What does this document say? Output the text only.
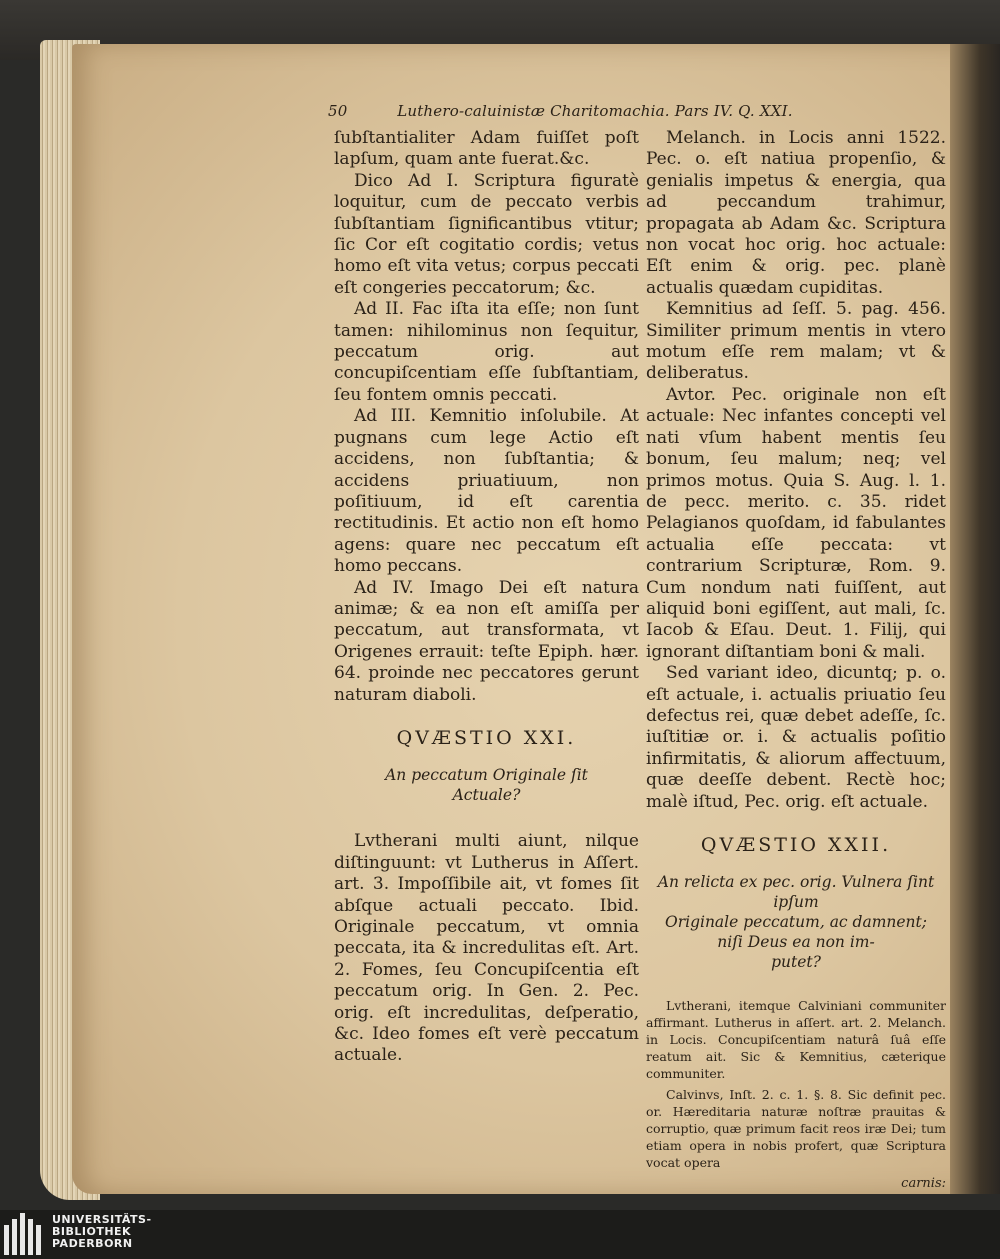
50	Luthero-caluinistæ Charitomachia. Pars IV. Q. XXI.

ſubſtantialiter Adam fuiſſet poſt lapſum, quam ante fuerat.&c.

Dico Ad I. Scriptura figuratè loquitur, cum de peccato verbis ſubſtantiam ſignificantibus vtitur; ſic Cor eſt cogitatio cordis; vetus homo eſt vita vetus; corpus peccati eſt congeries peccatorum; &c.

Ad II. Fac iſta ita eſſe; non ſunt tamen: nihilominus non ſequitur, peccatum orig. aut concupiſcentiam eſſe ſubſtantiam, ſeu fontem omnis peccati.

Ad III. Kemnitio inſolubile. At pugnans cum lege Actio eſt accidens, non ſubſtantia; & accidens priuatiuum, non poſitiuum, id eſt carentia rectitudinis. Et actio non eſt homo agens: quare nec peccatum eſt homo peccans.

Ad IV. Imago Dei eſt natura animæ; & ea non eſt amiſſa per peccatum, aut transformata, vt Origenes errauit: teſte Epiph. hær. 64. proinde nec peccatores gerunt naturam diaboli.

QVÆSTIO XXI.
An peccatum Originale ſit
Actuale?

Lvtherani multi aiunt, nilque diſtinguunt: vt Lutherus in Aſſert. art. 3. Impoſſibile ait, vt fomes ſit abſque actuali peccato. Ibid. Originale peccatum, vt omnia peccata, ita & incredulitas eſt. Art. 2. Fomes, ſeu Concupiſcentia eſt peccatum orig. In Gen. 2. Pec. orig. eſt incredulitas, deſperatio, &c. Ideo fomes eſt verè peccatum actuale.

Melanch. in Locis anni 1522. Pec. o. eſt natiua propenſio, & genialis impetus & energia, qua ad peccandum trahimur, propagata ab Adam &c. Scriptura non vocat hoc orig. hoc actuale: Eſt enim & orig. pec. planè actualis quædam cupiditas.

Kemnitius ad ſeſſ. 5. pag. 456. Similiter primum mentis in vtero motum eſſe rem malam; vt & deliberatus.

Avtor. Pec. originale non eſt actuale: Nec infantes concepti vel nati vſum habent mentis ſeu bonum, ſeu malum; neq; vel primos motus. Quia S. Aug. l. 1. de pecc. merito. c. 35. ridet Pelagianos quoſdam, id fabulantes actualia eſſe peccata: vt contrarium Scripturæ, Rom. 9. Cum nondum nati fuiſſent, aut aliquid boni egiſſent, aut mali, ſc. Iacob & Eſau. Deut. 1. Filij, qui ignorant diſtantiam boni & mali.

Sed variant ideo, dicuntq; p. o. eſt actuale, i. actualis priuatio ſeu defectus rei, quæ debet adeſſe, ſc. iuſtitiæ or. i. & actualis poſitio infirmitatis, & aliorum affectuum, quæ deeſſe debent. Rectè hoc; malè iſtud, Pec. orig. eſt actuale.

QVÆSTIO XXII.
An relicta ex pec. orig. Vulnera ſint ipſum
Originale peccatum, ac damnent;
niſi Deus ea non im-
putet?

Lvtherani, itemque Calviniani communiter affirmant. Lutherus in aſſert. art. 2. Melanch. in Locis. Concupiſcentiam naturâ ſuâ eſſe reatum ait. Sic & Kemnitius, cæterique communiter.

Calvinvs, Inſt. 2. c. 1. §. 8. Sic definit pec. or. Hæreditaria naturæ noſtræ prauitas & corruptio, quæ primum facit reos iræ Dei; tum etiam opera in nobis profert, quæ Scriptura vocat opera

carnis:
UNIVERSITÄTS-
BIBLIOTHEK
PADERBORN
